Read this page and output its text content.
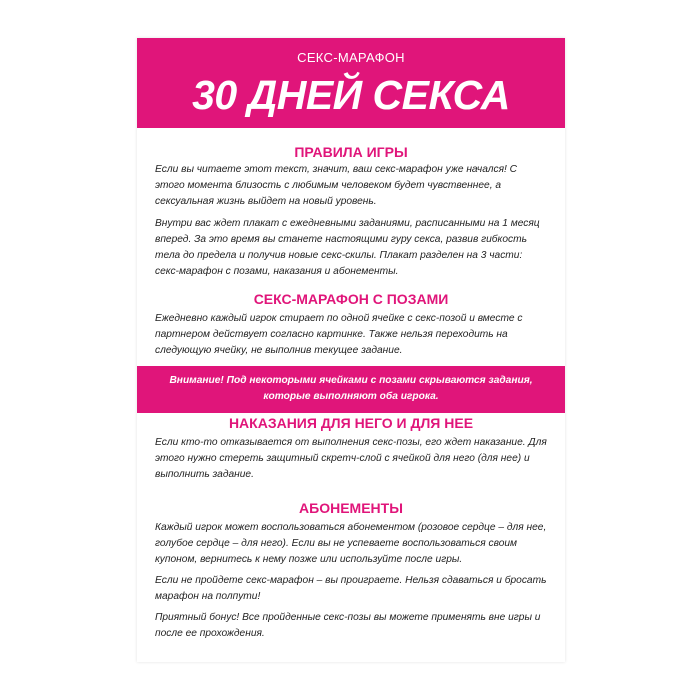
СЕКС-МАРАФОН
30 ДНЕЙ СЕКСА
ПРАВИЛА ИГРЫ

Если вы читаете этот текст, значит, ваш секс-марафон уже начался! С этого момента близость с любимым человеком будет чувственнее, а сексуальная жизнь выйдет на новый уровень.

Внутри вас ждет плакат с ежедневными заданиями, расписанными на 1 месяц вперед. За это время вы станете настоящими гуру секса, развив гибкость тела до предела и получив новые секс-скилы. Плакат разделен на 3 части: секс-марафон с позами, наказания и абонементы.

СЕКС-МАРАФОН С ПОЗАМИ

Ежедневно каждый игрок стирает по одной ячейке с секс-позой и вместе с партнером действует согласно картинке. Также нельзя переходить на следующую ячейку, не выполнив текущее задание.

Внимание! Под некоторыми ячейками с позами скрываются задания, которые выполняют оба игрока.

НАКАЗАНИЯ ДЛЯ НЕГО И ДЛЯ НЕЕ

Если кто-то отказывается от выполнения секс-позы, его ждет наказание. Для этого нужно стереть защитный скретч-слой с ячейкой для него (для нее) и выполнить задание.

АБОНЕМЕНТЫ

Каждый игрок может воспользоваться абонементом (розовое сердце – для нее, голубое сердце – для него). Если вы не успеваете воспользоваться своим купоном, вернитесь к нему позже или используйте после игры.

Если не пройдете секс-марафон – вы проиграете. Нельзя сдаваться и бросать марафон на полпути!

Приятный бонус! Все пройденные секс-позы вы можете применять вне игры и после ее прохождения.
